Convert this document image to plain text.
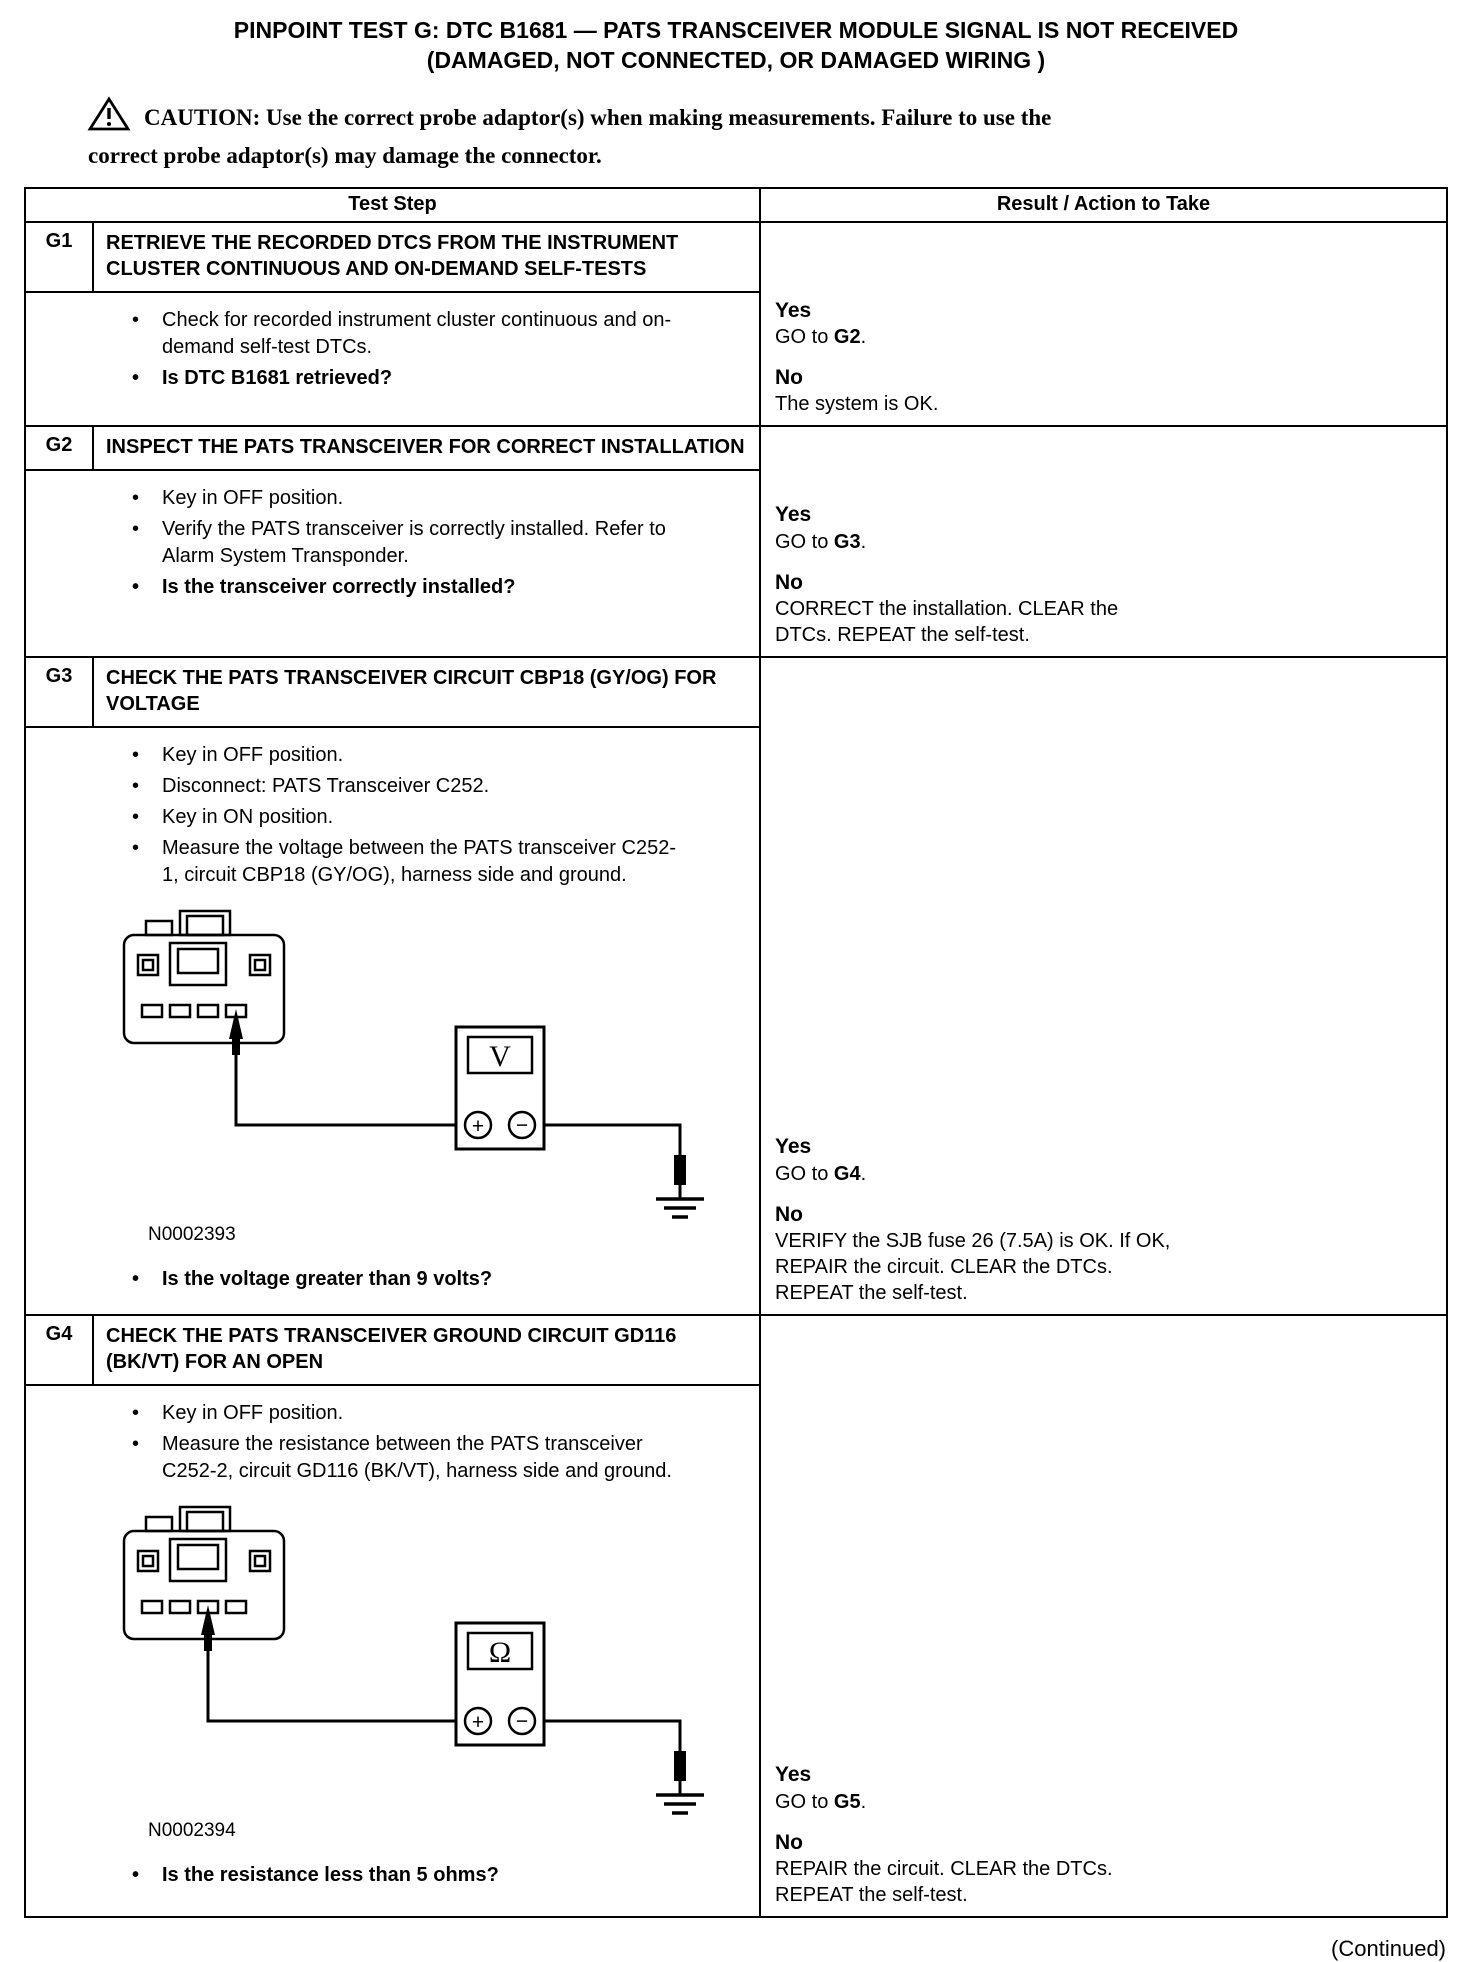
PINPOINT TEST G: DTC B1681 — PATS TRANSCEIVER MODULE SIGNAL IS NOT RECEIVED
(DAMAGED, NOT CONNECTED, OR DAMAGED WIRING )
CAUTION: Use the correct probe adaptor(s) when making measurements. Failure to use the correct probe adaptor(s) may damage the connector.
Test Step	Result / Action to Take
G1	RETRIEVE THE RECORDED DTCS FROM THE INSTRUMENT CLUSTER CONTINUOUS AND ON-DEMAND SELF-TESTS
• Check for recorded instrument cluster continuous and on-demand self-test DTCs.
• Is DTC B1681 retrieved?
Yes
GO to G2.
No
The system is OK.
G2	INSPECT THE PATS TRANSCEIVER FOR CORRECT INSTALLATION
• Key in OFF position.
• Verify the PATS transceiver is correctly installed. Refer to Alarm System Transponder.
• Is the transceiver correctly installed?
Yes
GO to G3.
No
CORRECT the installation. CLEAR the DTCs. REPEAT the self-test.
G3	CHECK THE PATS TRANSCEIVER CIRCUIT CBP18 (GY/OG) FOR VOLTAGE
• Key in OFF position.
• Disconnect: PATS Transceiver C252.
• Key in ON position.
• Measure the voltage between the PATS transceiver C252-1, circuit CBP18 (GY/OG), harness side and ground.
V
+ −
N0002393
• Is the voltage greater than 9 volts?
Yes
GO to G4.
No
VERIFY the SJB fuse 26 (7.5A) is OK. If OK, REPAIR the circuit. CLEAR the DTCs. REPEAT the self-test.
G4	CHECK THE PATS TRANSCEIVER GROUND CIRCUIT GD116 (BK/VT) FOR AN OPEN
• Key in OFF position.
• Measure the resistance between the PATS transceiver C252-2, circuit GD116 (BK/VT), harness side and ground.
Ω
+ −
N0002394
• Is the resistance less than 5 ohms?
Yes
GO to G5.
No
REPAIR the circuit. CLEAR the DTCs. REPEAT the self-test.
(Continued)
